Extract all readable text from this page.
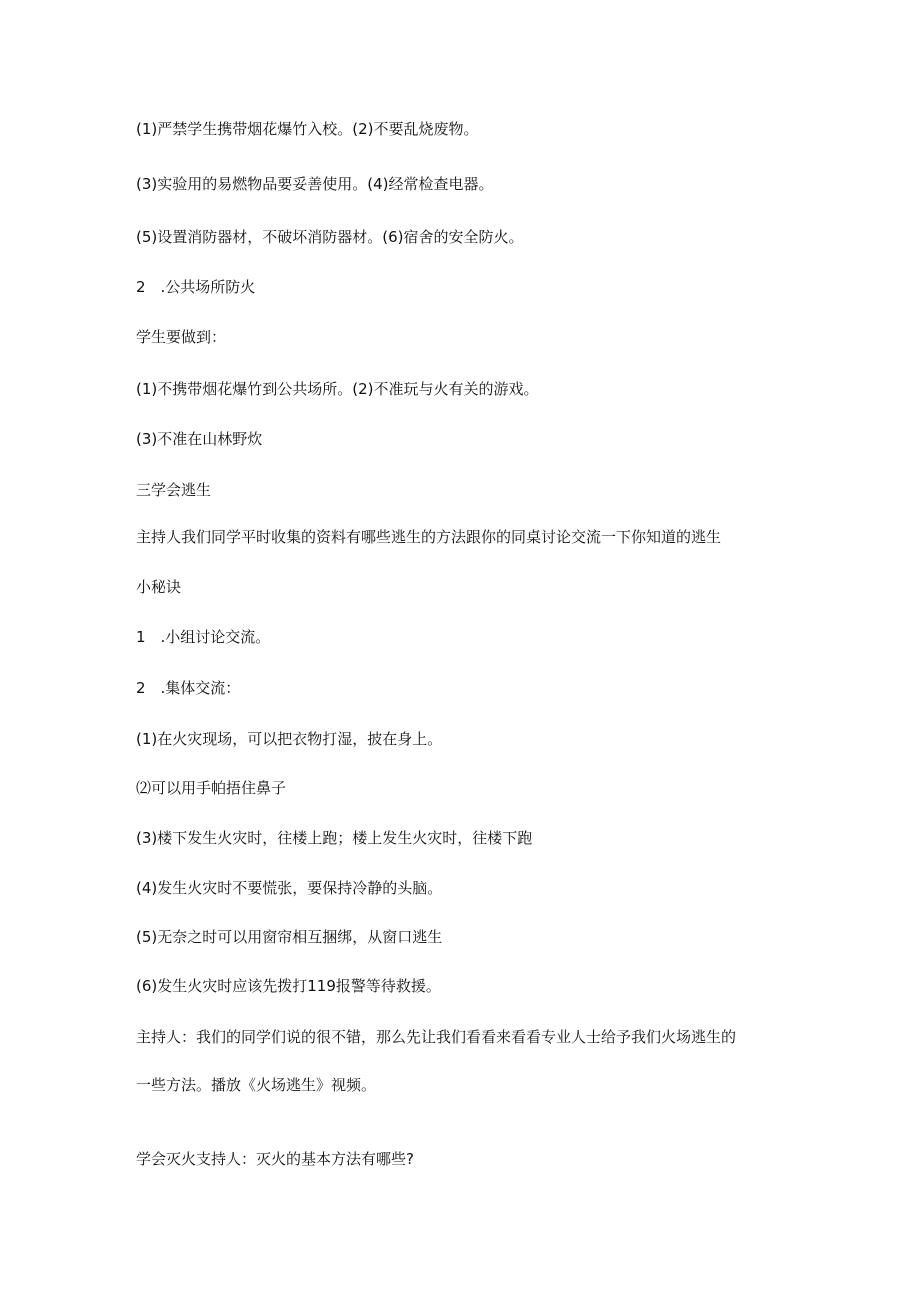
(1)严禁学生携带烟花爆竹入校。(2)不要乱烧废物。

(3)实验用的易燃物品要妥善使用。(4)经常检查电器。

(5)设置消防器材，不破坏消防器材。(6)宿舍的安全防火。

2　.公共场所防火

学生要做到：

(1)不携带烟花爆竹到公共场所。(2)不准玩与火有关的游戏。

(3)不准在山林野炊

三学会逃生

主持人我们同学平时收集的资料有哪些逃生的方法跟你的同桌讨论交流一下你知道的逃生

小秘诀

1　.小组讨论交流。

2　.集体交流：

(1)在火灾现场，可以把衣物打湿，披在身上。

⑵可以用手帕捂住鼻子

(3)楼下发生火灾时，往楼上跑；楼上发生火灾时，往楼下跑

(4)发生火灾时不要慌张，要保持冷静的头脑。

(5)无奈之时可以用窗帘相互捆绑，从窗口逃生

(6)发生火灾时应该先拨打119报警等待救援。

主持人：我们的同学们说的很不错，那么先让我们看看来看看专业人士给予我们火场逃生的

一些方法。播放《火场逃生》视频。

学会灭火支持人：灭火的基本方法有哪些?
